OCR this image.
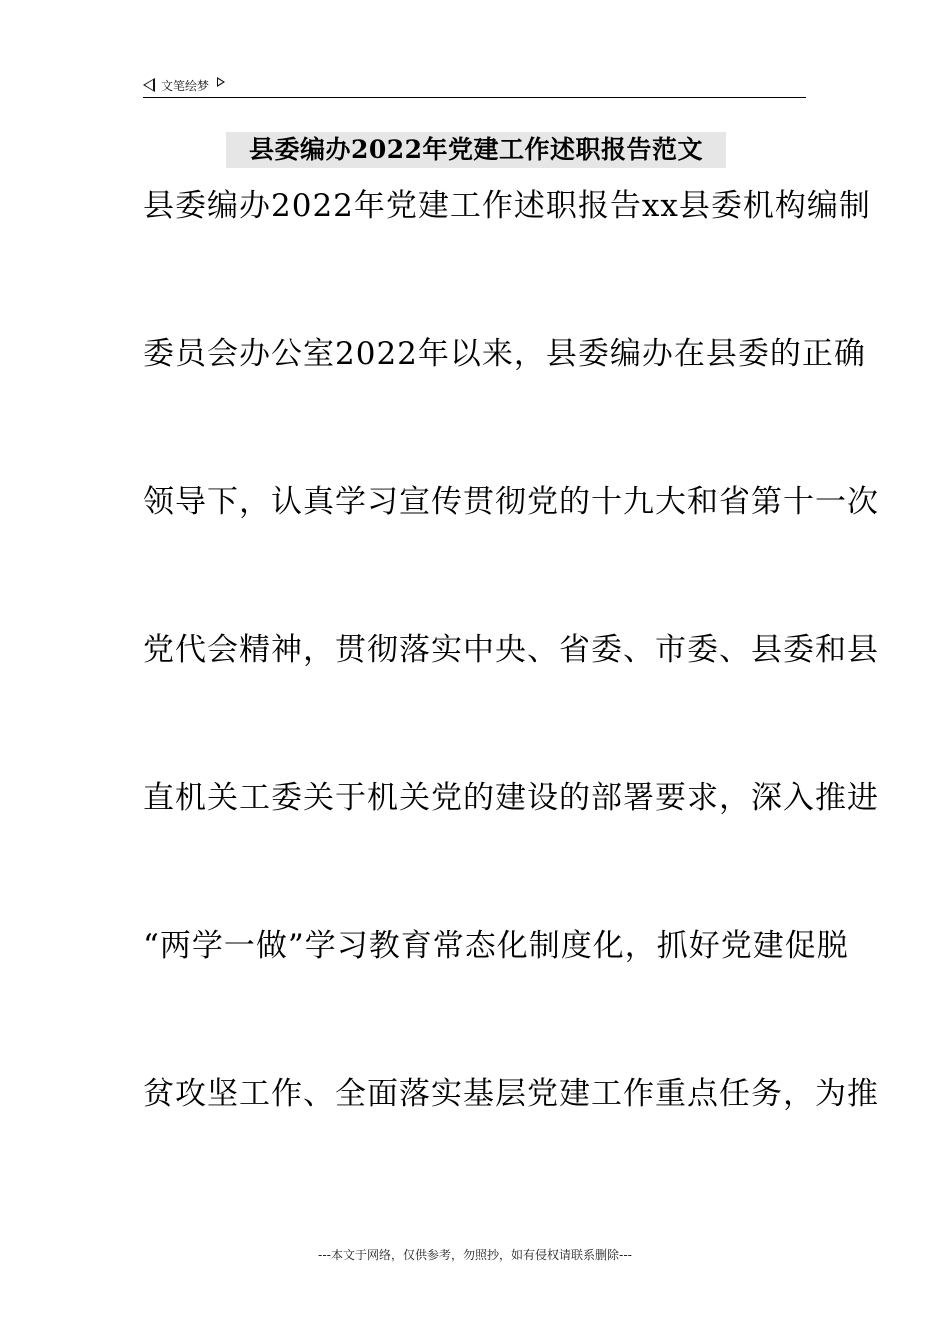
文笔绘梦
县委编办2022年党建工作述职报告范文
县委编办2022年党建工作述职报告xx县委机构编制
委员会办公室2022年以来，县委编办在县委的正确
领导下，认真学习宣传贯彻党的十九大和省第十一次
党代会精神，贯彻落实中央、省委、市委、县委和县
直机关工委关于机关党的建设的部署要求，深入推进
“两学一做”学习教育常态化制度化，抓好党建促脱
贫攻坚工作、全面落实基层党建工作重点任务，为推
---本文于网络，仅供参考，勿照抄，如有侵权请联系删除---
